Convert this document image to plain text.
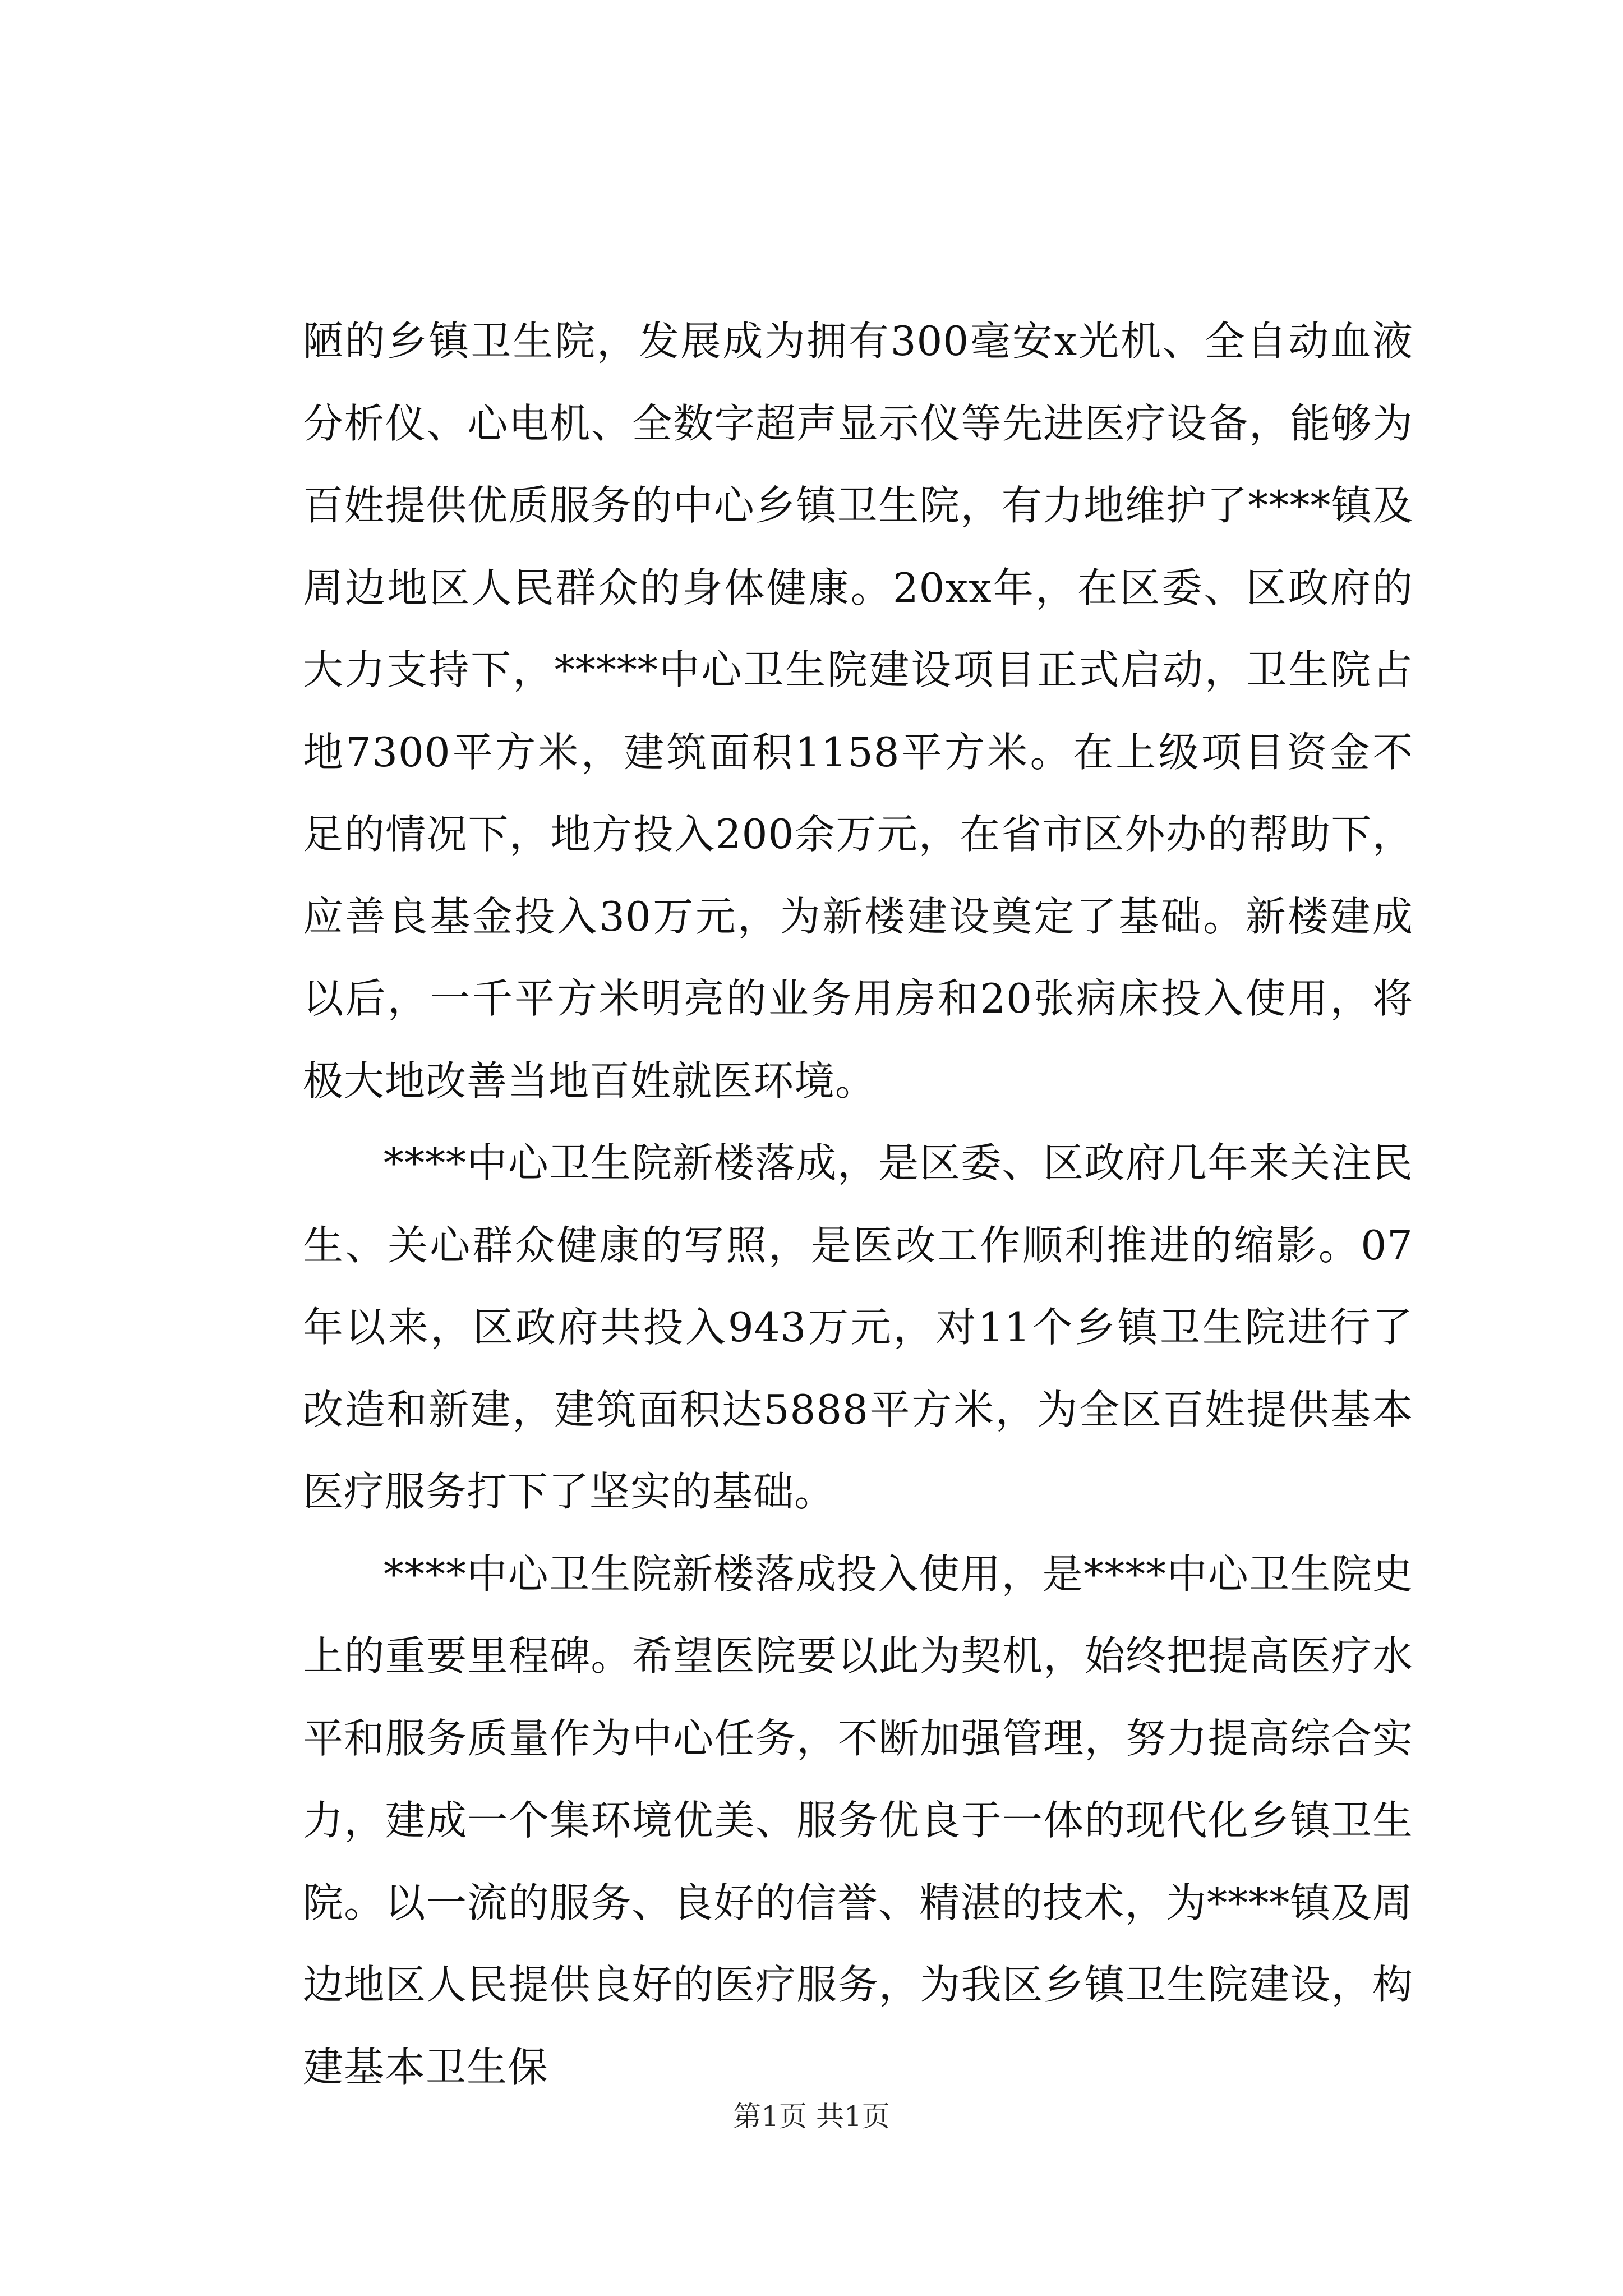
陋的乡镇卫生院，发展成为拥有300毫安x光机、全自动血液分析仪、心电机、全数字超声显示仪等先进医疗设备，能够为百姓提供优质服务的中心乡镇卫生院，有力地维护了****镇及周边地区人民群众的身体健康。20xx年，在区委、区政府的大力支持下，*****中心卫生院建设项目正式启动，卫生院占地7300平方米，建筑面积1158平方米。在上级项目资金不足的情况下，地方投入200余万元，在省市区外办的帮助下，应善良基金投入30万元，为新楼建设奠定了基础。新楼建成以后，一千平方米明亮的业务用房和20张病床投入使用，将极大地改善当地百姓就医环境。

****中心卫生院新楼落成，是区委、区政府几年来关注民生、关心群众健康的写照，是医改工作顺利推进的缩影。07年以来，区政府共投入943万元，对11个乡镇卫生院进行了改造和新建，建筑面积达5888平方米，为全区百姓提供基本医疗服务打下了坚实的基础。

****中心卫生院新楼落成投入使用，是****中心卫生院史上的重要里程碑。希望医院要以此为契机，始终把提高医疗水平和服务质量作为中心任务，不断加强管理，努力提高综合实力，建成一个集环境优美、服务优良于一体的现代化乡镇卫生院。以一流的服务、良好的信誉、精湛的技术，为****镇及周边地区人民提供良好的医疗服务，为我区乡镇卫生院建设，构建基本卫生保

第1页 共1页
